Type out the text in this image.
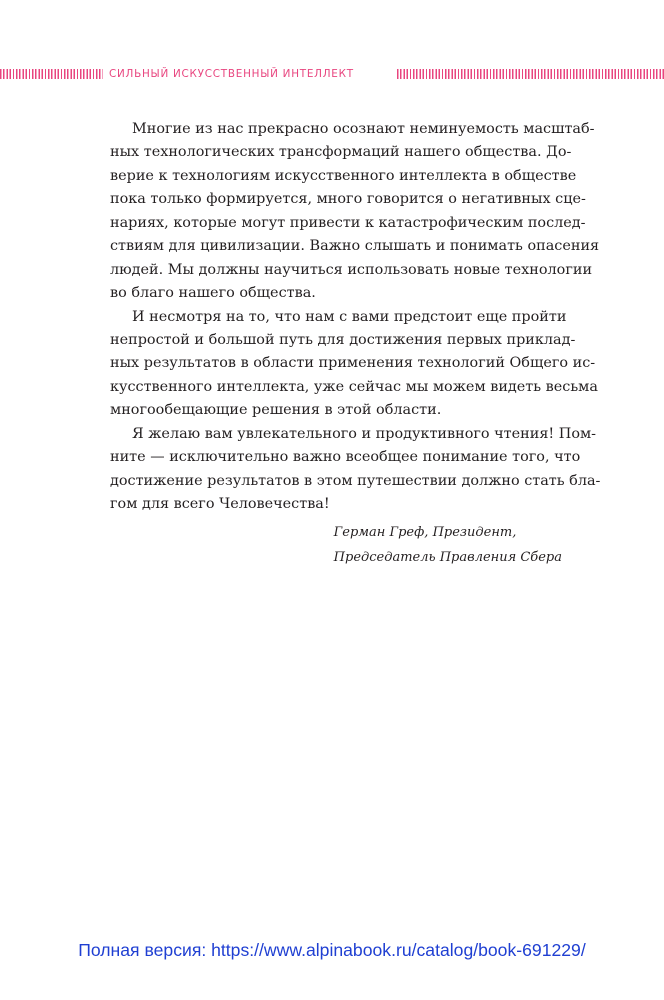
СИЛЬНЫЙ ИСКУССТВЕННЫЙ ИНТЕЛЛЕКТ
Многие из нас прекрасно осознают неминуемость масштаб-
ных технологических трансформаций нашего общества. До-
верие к технологиям искусственного интеллекта в обществе
пока только формируется, много говорится о негативных сце-
нариях, которые могут привести к катастрофическим послед-
ствиям для цивилизации. Важно слышать и понимать опасения
людей. Мы должны научиться использовать новые технологии
во благо нашего общества.
И несмотря на то, что нам с вами предстоит еще пройти
непростой и большой путь для достижения первых приклад-
ных результатов в области применения технологий Общего ис-
кусственного интеллекта, уже сейчас мы можем видеть весьма
многообещающие решения в этой области.
Я желаю вам увлекательного и продуктивного чтения! Пом-
ните — исключительно важно всеобщее понимание того, что
достижение результатов в этом путешествии должно стать бла-
гом для всего Человечества!
Герман Греф, Президент,
Председатель Правления Сбера
Полная версия: https://www.alpinabook.ru/catalog/book-691229/
